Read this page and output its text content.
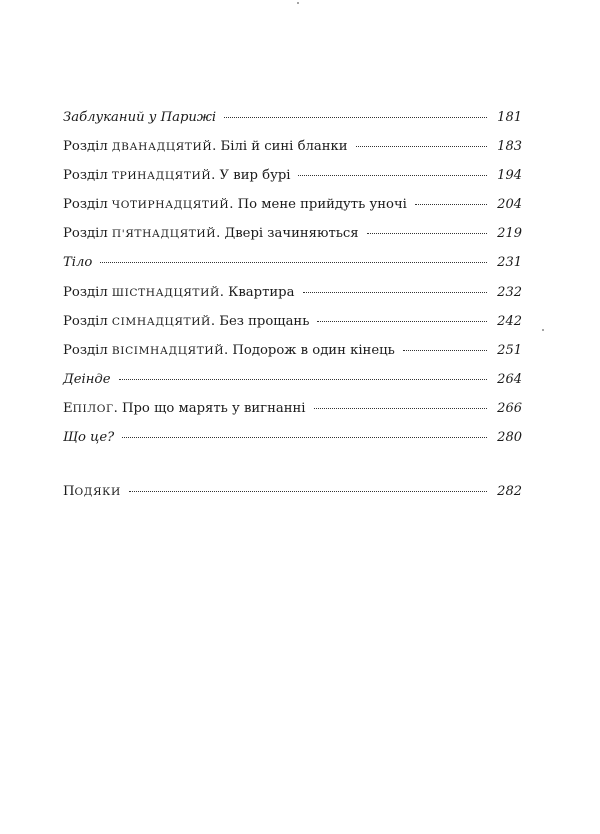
Заблуканий у Парижі	181
Розділ ДВАНАДЦЯТИЙ. Білі й сині бланки	183
Розділ ТРИНАДЦЯТИЙ. У вир бурі	194
Розділ ЧОТИРНАДЦЯТИЙ. По мене прийдуть уночі	204
Розділ П'ЯТНАДЦЯТИЙ. Двері зачиняються	219
Тіло	231
Розділ ШІСТНАДЦЯТИЙ. Квартира	232
Розділ СІМНАДЦЯТИЙ. Без прощань	242
Розділ ВІСІМНАДЦЯТИЙ. Подорож в один кінець	251
Деінде	264
ЕПІЛОГ. Про що марять у вигнанні	266
Що це?	280
ПОДЯКИ	282
